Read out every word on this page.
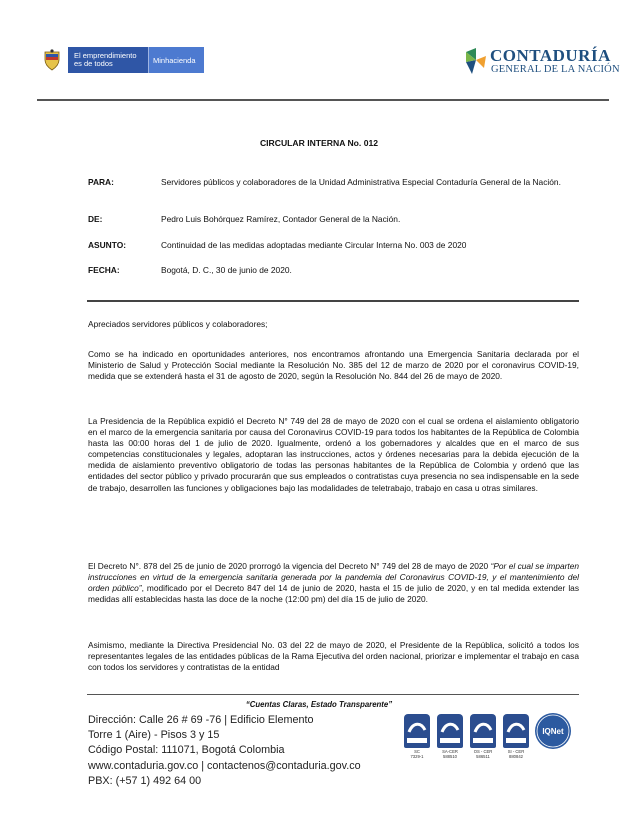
El emprendimiento
es de todos	Minhacienda	CONTADURÍA
GENERAL DE LA NACIÓN
CIRCULAR INTERNA No. 012
PARA:	Servidores públicos y colaboradores de la Unidad Administrativa Especial Contaduría General de la Nación.
DE:	Pedro Luis Bohórquez Ramírez, Contador General de la Nación.
ASUNTO:	Continuidad de las medidas adoptadas mediante Circular Interna No. 003 de 2020
FECHA:	Bogotá, D. C., 30 de junio de 2020.
Apreciados servidores públicos y colaboradores;
Como se ha indicado en oportunidades anteriores, nos encontramos afrontando una Emergencia Sanitaria declarada por el Ministerio de Salud y Protección Social mediante la Resolución No. 385 del 12 de marzo de 2020 por el coronavirus COVID-19, medida que se extenderá hasta el 31 de agosto de 2020, según la Resolución No. 844 del 26 de mayo de 2020.
La Presidencia de la República expidió el Decreto N° 749 del 28 de mayo de 2020 con el cual se ordena el aislamiento obligatorio en el marco de la emergencia sanitaria por causa del Coronavirus COVID-19 para todos los habitantes de la República de Colombia hasta las 00:00 horas del 1 de julio de 2020. Igualmente, ordenó a los gobernadores y alcaldes que en el marco de sus competencias constitucionales y legales, adoptaran las instrucciones, actos y órdenes necesarias para la debida ejecución de la medida de aislamiento preventivo obligatorio de todas las personas habitantes de la República de Colombia y ordenó que las entidades del sector público y privado procurarán que sus empleados o contratistas cuya presencia no sea indispensable en la sede de trabajo, desarrollen las funciones y obligaciones bajo las modalidades de teletrabajo, trabajo en casa u otras similares.
El Decreto N°. 878 del 25 de junio de 2020 prorrogó la vigencia del Decreto N° 749 del 28 de mayo de 2020 “Por el cual se imparten instrucciones en virtud de la emergencia sanitaria generada por la pandemia del Coronavirus COVID-19, y el mantenimiento del orden público”, modificado por el Decreto 847 del 14 de junio de 2020, hasta el 15 de julio de 2020, y en tal medida extender las medidas allí establecidas hasta las doce de la noche (12:00 pm) del día 15 de julio de 2020.
Asimismo, mediante la Directiva Presidencial No. 03 del 22 de mayo de 2020, el Presidente de la República, solicitó a todos los representantes legales de las entidades públicas de la Rama Ejecutiva del orden nacional, priorizar e implementar el trabajo en casa con todos los servidores y contratistas de la entidad
“Cuentas Claras, Estado Transparente”
Dirección: Calle 26 # 69 -76 | Edificio Elemento
Torre 1 (Aire) - Pisos 3 y 15
Código Postal: 111071, Bogotá Colombia
www.contaduria.gov.co | contactenos@contaduria.gov.co
PBX: (+57 1) 492 64 00
SC
7329-1
SA-CER
588510
OS - CER
586511
SI - CER
880842
IQNet
